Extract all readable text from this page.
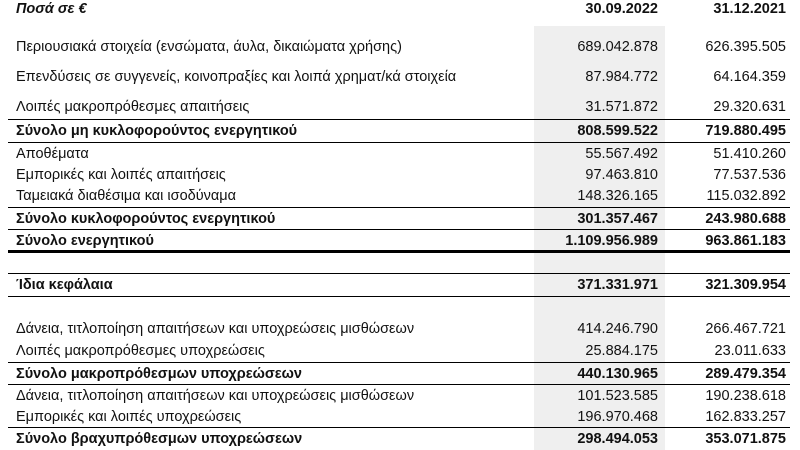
Ποσά σε €	30.09.2022	31.12.2021
Περιουσιακά στοιχεία (ενσώματα, άυλα, δικαιώματα χρήσης)	689.042.878	626.395.505
Επενδύσεις σε συγγενείς, κοινοπραξίες και λοιπά χρηματ/κά στοιχεία	87.984.772	64.164.359
Λοιπές μακροπρόθεσμες απαιτήσεις	31.571.872	29.320.631
Σύνολο μη κυκλοφορούντος ενεργητικού	808.599.522	719.880.495
Αποθέματα	55.567.492	51.410.260
Εμπορικές και λοιπές απαιτήσεις	97.463.810	77.537.536
Ταμειακά διαθέσιμα και ισοδύναμα	148.326.165	115.032.892
Σύνολο κυκλοφορούντος ενεργητικού	301.357.467	243.980.688
Σύνολο ενεργητικού	1.109.956.989	963.861.183
Ίδια κεφάλαια	371.331.971	321.309.954
Δάνεια, τιτλοποίηση απαιτήσεων και υποχρεώσεις μισθώσεων	414.246.790	266.467.721
Λοιπές μακροπρόθεσμες υποχρεώσεις	25.884.175	23.011.633
Σύνολο μακροπρόθεσμων υποχρεώσεων	440.130.965	289.479.354
Δάνεια, τιτλοποίηση απαιτήσεων και υποχρεώσεις μισθώσεων	101.523.585	190.238.618
Εμπορικές και λοιπές υποχρεώσεις	196.970.468	162.833.257
Σύνολο βραχυπρόθεσμων υποχρεώσεων	298.494.053	353.071.875
